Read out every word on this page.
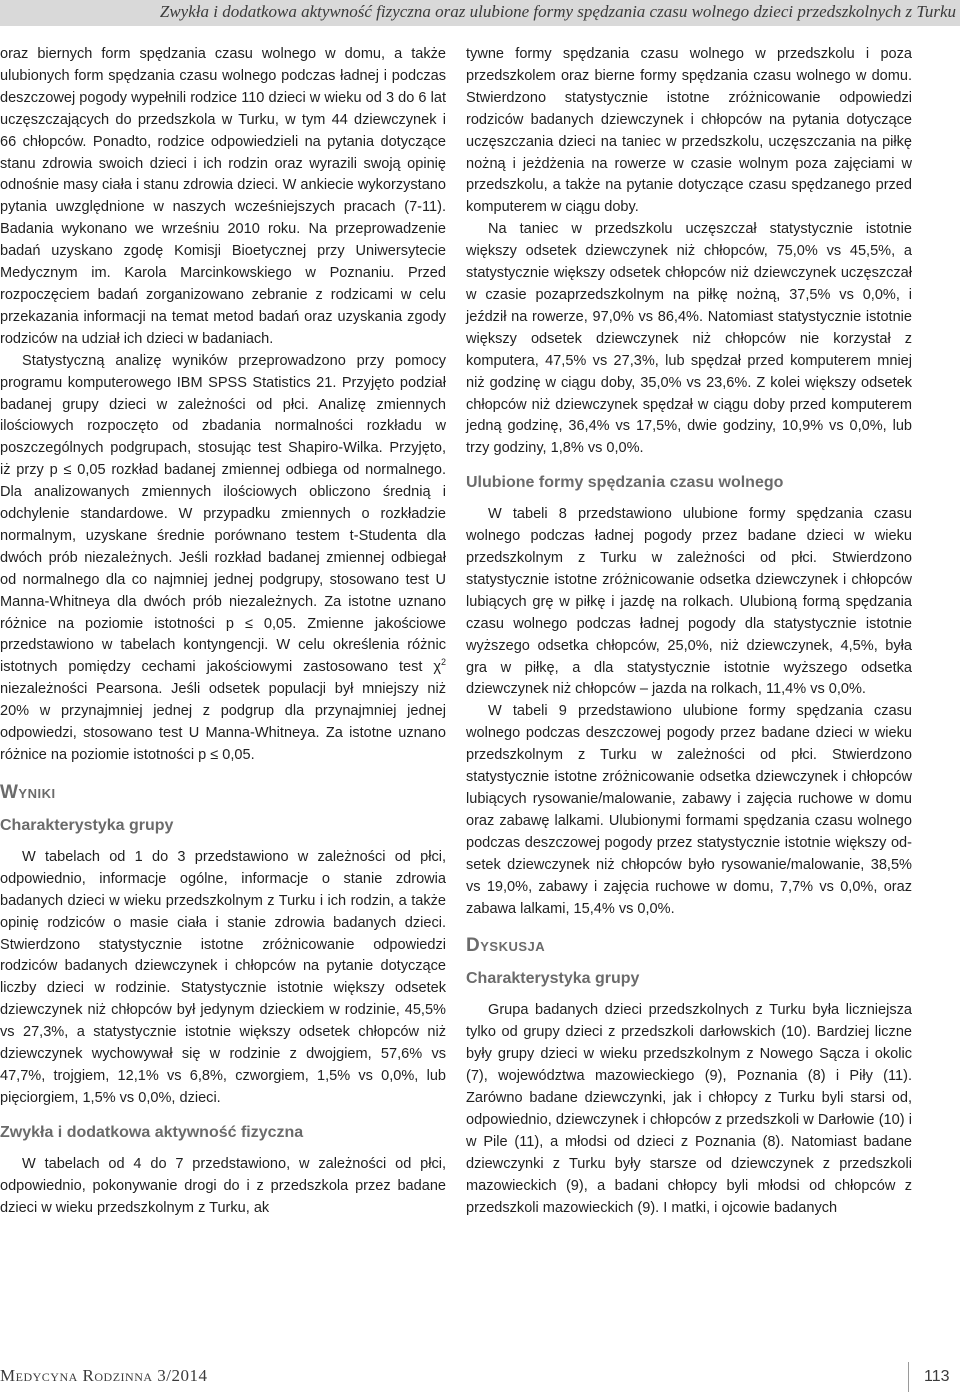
Zwykła i dodatkowa aktywność fizyczna oraz ulubione formy spędzania czasu wolnego dzieci przedszkolnych z Turku

oraz biernych form spędzania czasu wolnego w domu, a także ulubionych form spędzania czasu wolnego podczas ładnej i podczas deszczowej pogody wypełnili rodzice 110 dzieci w wieku od 3 do 6 lat uczęszczających do przedszkola w Turku, w tym 44 dziewczynek i 66 chłopców. Ponadto, rodzice odpowiedzieli na pytania dotyczące stanu zdrowia swoich dzieci i ich rodzin oraz wyrazili swoją opinię odnośnie masy ciała i stanu zdrowia dzieci. W ankiecie wykorzystano pytania uwzględnione w naszych wcześniejszych pracach (7-11). Badania wykonano we wrześniu 2010 roku. Na przeprowadzenie badań uzyskano zgodę Komisji Bioetycznej przy Uniwersytecie Medycznym im. Karola Marcinkowskiego w Poznaniu. Przed rozpoczęciem badań zorganizowano zebranie z rodzicami w celu przekazania informacji na temat metod badań oraz uzyskania zgody rodziców na udział ich dzieci w badaniach.

Statystyczną analizę wyników przeprowadzono przy pomocy programu komputerowego IBM SPSS Statistics 21. Przyjęto podział badanej grupy dzieci w zależności od płci. Analizę zmiennych ilościowych rozpoczęto od zbadania normalności rozkładu w poszczególnych podgrupach, stosując test Shapiro-Wilka. Przyjęto, iż przy p ≤ 0,05 rozkład badanej zmiennej odbiega od normalnego. Dla analizowanych zmiennych ilościowych obliczono średnią i odchylenie standardowe. W przypadku zmiennych o rozkładzie normalnym, uzyskane średnie porównano testem t-Studenta dla dwóch prób niezależnych. Jeśli rozkład badanej zmiennej odbiegał od normalnego dla co najmniej jednej podgrupy, stosowano test U Manna-Whitneya dla dwóch prób niezależnych. Za istotne uznano różnice na poziomie istotności p ≤ 0,05. Zmienne jakościowe przedstawiono w tabelach kontyngencji. W celu określenia różnic istotnych pomiędzy cechami jakościowymi zastosowano test $\chi^2$ niezależności Pearsona. Jeśli odsetek populacji był mniejszy niż 20% w przynajmniej jednej z podgrup dla przynajmniej jednej odpowiedzi, stosowano test U Manna-Whitneya. Za istotne uznano różnice na poziomie istotności p ≤ 0,05.

Wyniki
Charakterystyka grupy

W tabelach od 1 do 3 przedstawiono w zależności od płci, odpowiednio, informacje ogólne, informacje o stanie zdrowia badanych dzieci w wieku przedszkolnym z Turku i ich rodzin, a także opinię rodziców o masie ciała i stanie zdrowia badanych dzieci. Stwierdzono statystycznie istotne zróżnicowanie odpowiedzi rodziców badanych dziewczynek i chłopców na pytanie dotyczące liczby dzieci w rodzinie. Statystycznie istotnie większy odsetek dziewczynek niż chłopców był jedynym dzieckiem w rodzinie, 45,5% vs 27,3%, a statystycznie istotnie większy odsetek chłopców niż dziewczynek wychowywał się w rodzinie z dwojgiem, 57,6% vs 47,7%, trojgiem, 12,1% vs 6,8%, czworgiem, 1,5% vs 0,0%, lub pięciorgiem, 1,5% vs 0,0%, dzieci.

Zwykła i dodatkowa aktywność fizyczna

W tabelach od 4 do 7 przedstawiono, w zależności od płci, odpowiednio, pokonywanie drogi do i z przedszkola przez badane dzieci w wieku przedszkolnym z Turku, ak

tywne formy spędzania czasu wolnego w przedszkolu i poza przedszkolem oraz bierne formy spędzania czasu wolnego w domu. Stwierdzono statystycznie istotne zróżnicowanie odpowiedzi rodziców badanych dziewczynek i chłopców na pytania dotyczące uczęszczania dzieci na taniec w przedszkolu, uczęszczania na piłkę nożną i jeżdżenia na rowerze w czasie wolnym poza zajęciami w przedszkolu, a także na pytanie dotyczące czasu spędzanego przed komputerem w ciągu doby.

Na taniec w przedszkolu uczęszczał statystycznie istotnie większy odsetek dziewczynek niż chłopców, 75,0% vs 45,5%, a statystycznie większy odsetek chłopców niż dziewczynek uczęszczał w czasie pozaprzedszkolnym na piłkę nożną, 37,5% vs 0,0%, i jeździł na rowerze, 97,0% vs 86,4%. Natomiast statystycznie istotnie większy odsetek dziewczynek niż chłopców nie korzystał z komputera, 47,5% vs 27,3%, lub spędzał przed komputerem mniej niż godzinę w ciągu doby, 35,0% vs 23,6%. Z kolei większy odsetek chłopców niż dziewczynek spędzał w ciągu doby przed komputerem jedną godzinę, 36,4% vs 17,5%, dwie godziny, 10,9% vs 0,0%, lub trzy godziny, 1,8% vs 0,0%.

Ulubione formy spędzania czasu wolnego

W tabeli 8 przedstawiono ulubione formy spędzania czasu wolnego podczas ładnej pogody przez badane dzieci w wieku przedszkolnym z Turku w zależności od płci. Stwierdzono statystycznie istotne zróżnicowanie odsetka dziewczynek i chłopców lubiących grę w piłkę i jazdę na rolkach. Ulubioną formą spędzania czasu wolnego podczas ładnej pogody dla statystycznie istotnie wyższego odsetka chłopców, 25,0%, niż dziewczynek, 4,5%, była gra w piłkę, a dla statystycznie istotnie wyższego odsetka dziewczynek niż chłopców – jazda na rolkach, 11,4% vs 0,0%.

W tabeli 9 przedstawiono ulubione formy spędzania czasu wolnego podczas deszczowej pogody przez badane dzieci w wieku przedszkolnym z Turku w zależności od płci. Stwierdzono statystycznie istotne zróżnicowanie odsetka dziewczynek i chłopców lubiących rysowanie/malowanie, zabawy i zajęcia ruchowe w domu oraz zabawę lalkami. Ulubionymi formami spędzania czasu wolnego podczas deszczowej pogody przez statystycznie istotnie większy odsetek dziewczynek niż chłopców było rysowanie/malowanie, 38,5% vs 19,0%, zabawy i zajęcia ruchowe w domu, 7,7% vs 0,0%, oraz zabawa lalkami, 15,4% vs 0,0%.

Dyskusja
Charakterystyka grupy

Grupa badanych dzieci przedszkolnych z Turku była liczniejsza tylko od grupy dzieci z przedszkoli darłowskich (10). Bardziej liczne były grupy dzieci w wieku przedszkolnym z Nowego Sącza i okolic (7), województwa mazowieckiego (9), Poznania (8) i Piły (11). Zarówno badane dziewczynki, jak i chłopcy z Turku byli starsi od, odpowiednio, dziewczynek i chłopców z przedszkoli w Darłowie (10) i w Pile (11), a młodsi od dzieci z Poznania (8). Natomiast badane dziewczynki z Turku były starsze od dziewczynek z przedszkoli mazowieckich (9), a badani chłopcy byli młodsi od chłopców z przedszkoli mazowieckich (9). I matki, i ojcowie badanych

Medycyna Rodzinna 3/2014	113
